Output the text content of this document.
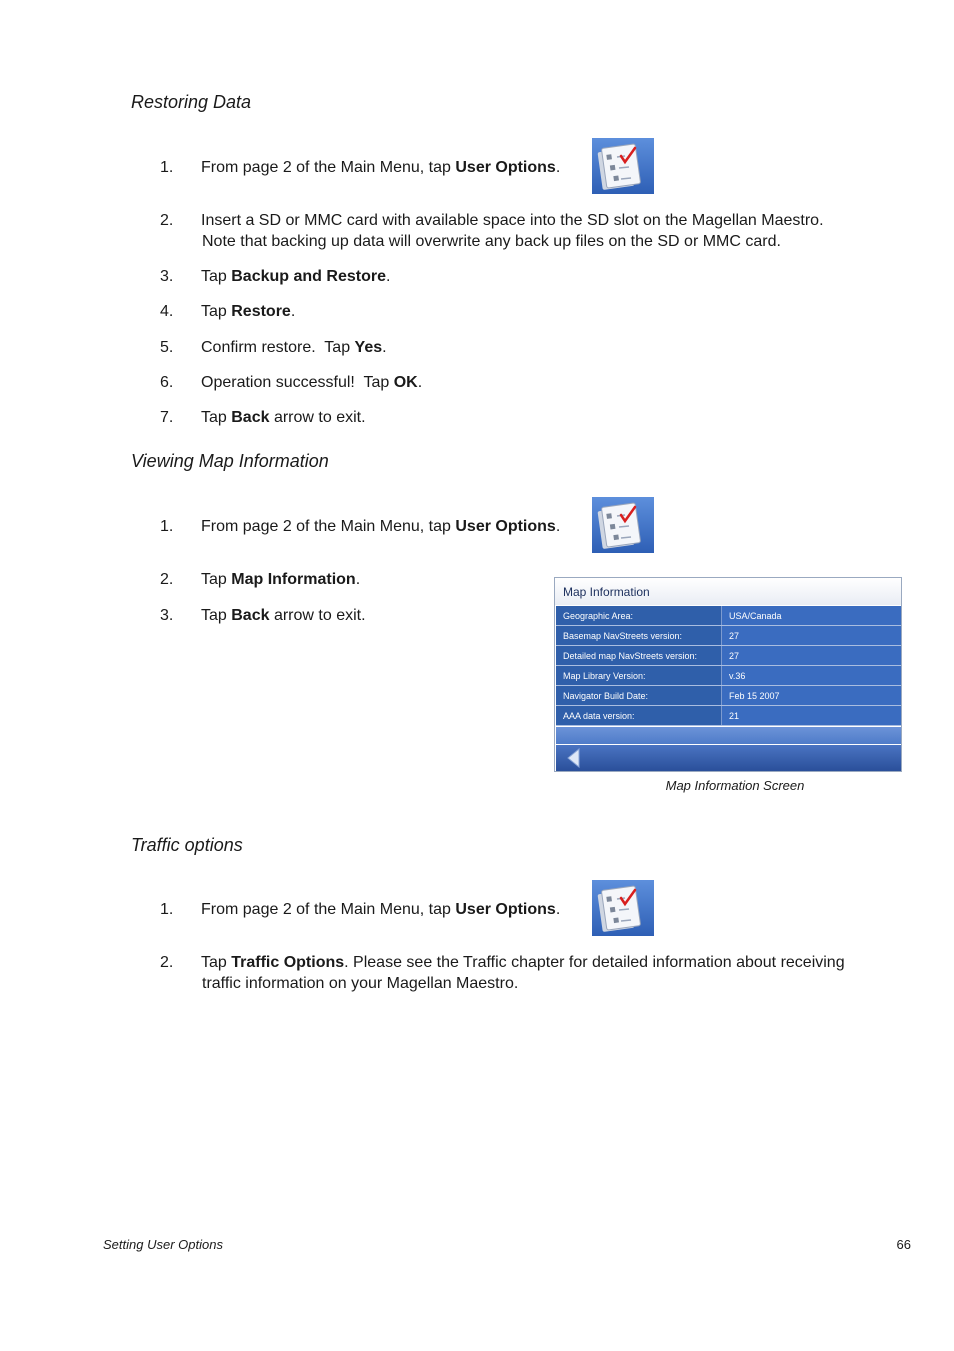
Restoring Data
1.	From page 2 of the Main Menu, tap User Options.
2.	Insert a SD or MMC card with available space into the SD slot on the Magellan Maestro.
Note that backing up data will overwrite any back up files on the SD or MMC card.
3.	Tap Backup and Restore.
4.	Tap Restore.
5.	Confirm restore.  Tap Yes.
6.	Operation successful!  Tap OK.
7.	Tap Back arrow to exit.
Viewing Map Information
1.	From page 2 of the Main Menu, tap User Options.
2.	Tap Map Information.
3.	Tap Back arrow to exit.
Map Information
Geographic Area:	USA/Canada
Basemap NavStreets version:	27
Detailed map NavStreets version:	27
Map Library Version:	v.36
Navigator Build Date:	Feb 15 2007
AAA data version:	21
Map Information Screen
Traffic options
1.	From page 2 of the Main Menu, tap User Options.
2.	Tap Traffic Options. Please see the Traffic chapter for detailed information about receiving
traffic information on your Magellan Maestro.
Setting User Options	66
